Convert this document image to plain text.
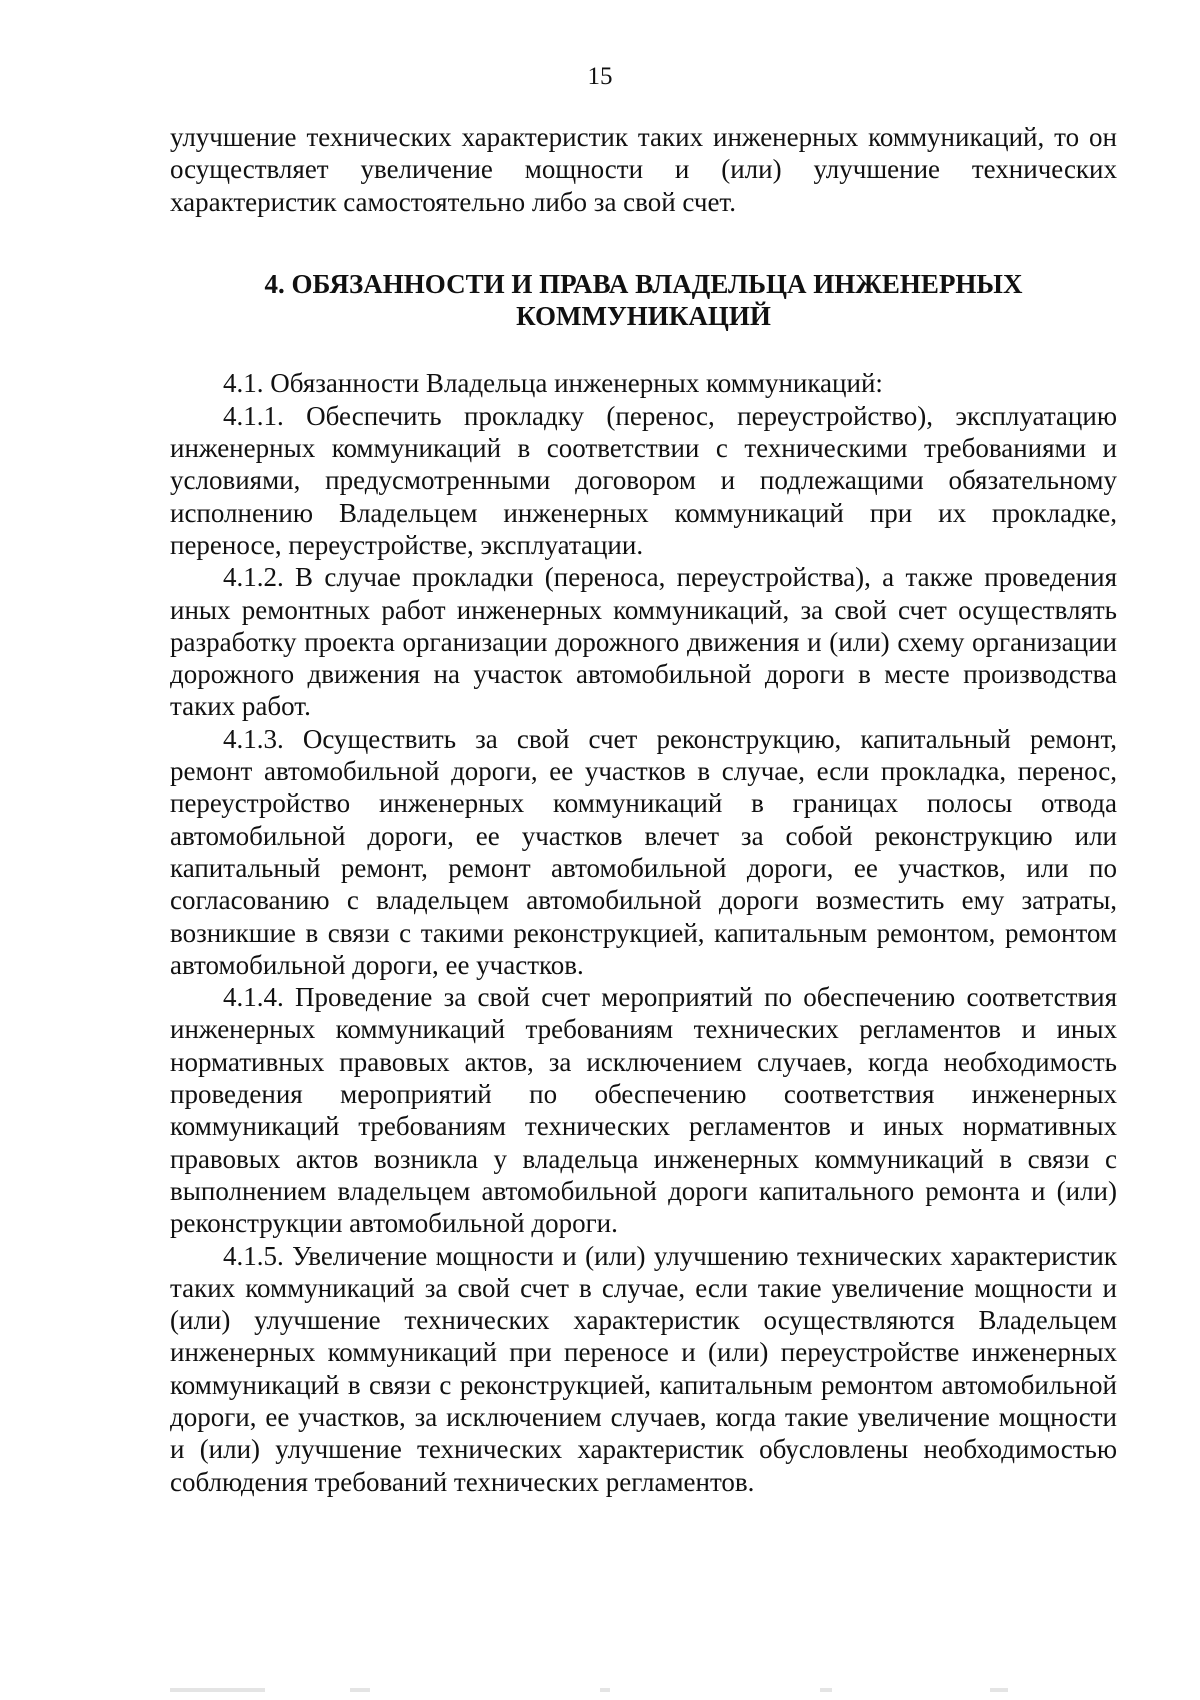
15

улучшение технических характеристик таких инженерных коммуникаций, то он осуществляет увеличение мощности и (или) улучшение технических характеристик самостоятельно либо за свой счет.

4. ОБЯЗАННОСТИ И ПРАВА ВЛАДЕЛЬЦА ИНЖЕНЕРНЫХ
КОММУНИКАЦИЙ

4.1. Обязанности Владельца инженерных коммуникаций:

4.1.1. Обеспечить прокладку (перенос, переустройство), эксплуатацию инженерных коммуникаций в соответствии с техническими требованиями и условиями, предусмотренными договором и подлежащими обязательному исполнению Владельцем инженерных коммуникаций при их прокладке, переносе, переустройстве, эксплуатации.

4.1.2. В случае прокладки (переноса, переустройства), а также проведения иных ремонтных работ инженерных коммуникаций, за свой счет осуществлять разработку проекта организации дорожного движения и (или) схему организации дорожного движения на участок автомобильной дороги в месте производства таких работ.

4.1.3. Осуществить за свой счет реконструкцию, капитальный ремонт, ремонт автомобильной дороги, ее участков в случае, если прокладка, перенос, переустройство инженерных коммуникаций в границах полосы отвода автомобильной дороги, ее участков влечет за собой реконструкцию или капитальный ремонт, ремонт автомобильной дороги, ее участков, или по согласованию с владельцем автомобильной дороги возместить ему затраты, возникшие в связи с такими реконструкцией, капитальным ремонтом, ремонтом автомобильной дороги, ее участков.

4.1.4. Проведение за свой счет мероприятий по обеспечению соответствия инженерных коммуникаций требованиям технических регламентов и иных нормативных правовых актов, за исключением случаев, когда необходимость проведения мероприятий по обеспечению соответствия инженерных коммуникаций требованиям технических регламентов и иных нормативных правовых актов возникла у владельца инженерных коммуникаций в связи с выполнением владельцем автомобильной дороги капитального ремонта и (или) реконструкции автомобильной дороги.

4.1.5. Увеличение мощности и (или) улучшению технических характеристик таких коммуникаций за свой счет в случае, если такие увеличение мощности и (или) улучшение технических характеристик осуществляются Владельцем инженерных коммуникаций при переносе и (или) переустройстве инженерных коммуникаций в связи с реконструкцией, капитальным ремонтом автомобильной дороги, ее участков, за исключением случаев, когда такие увеличение мощности и (или) улучшение технических характеристик обусловлены необходимостью соблюдения требований технических регламентов.
